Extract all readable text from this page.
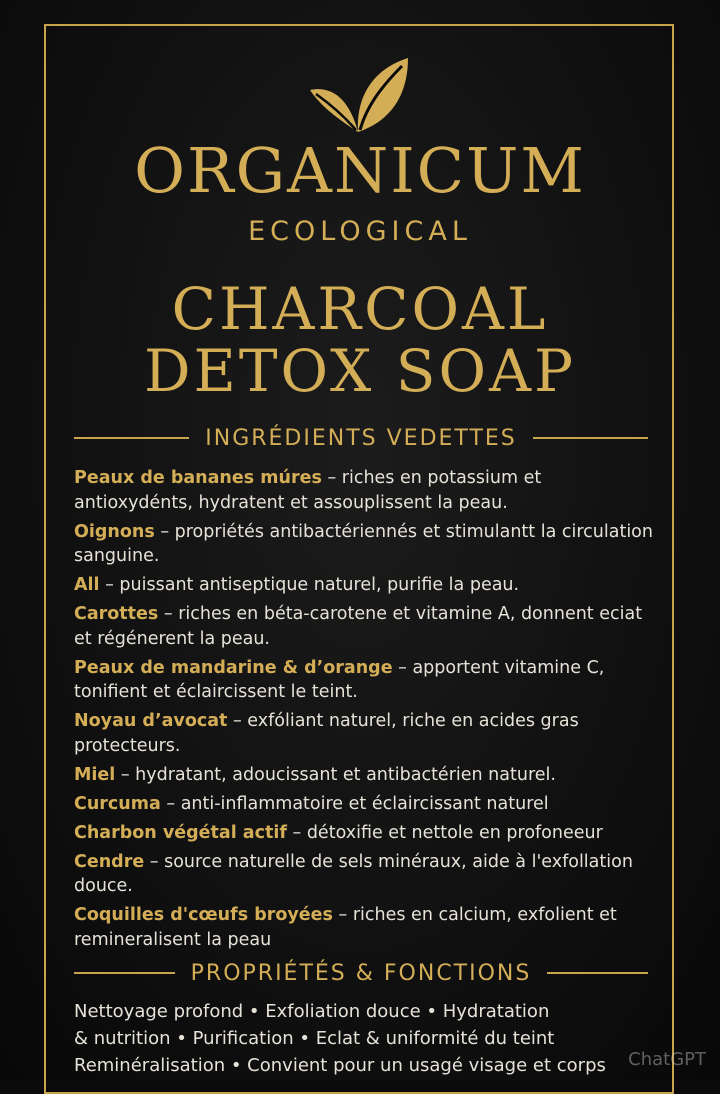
ORGANICUM
ECOLOGICAL
CHARCOAL
DETOX SOAP
INGRÉDIENTS VEDETTES
Peaux de bananes múres – riches en potassium et antioxydénts, hydratent et assouplissent la peau.
Oignons – propriétés antibactériennés et stimulantt la circulation sanguine.
All – puissant antiseptique naturel, purifie la peau.
Carottes – riches en béta-carotene et vitamine A, donnent eciat et régénerent la peau.
Peaux de mandarine & d’orange – apportent vitamine C, tonifient et éclaircissent le teint.
Noyau d’avocat – exfóliant naturel, riche en acides gras protecteurs.
Miel – hydratant, adoucissant et antibactérien naturel.
Curcuma – anti-inflammatoire et éclaircissant naturel
Charbon végétal actif – détoxifie et nettole en profoneeur
Cendre – source naturelle de sels minéraux, aide à l'exfollation douce.
Coquilles d'cœufs broyées – riches en calcium, exfolient et remineralisent la peau
PROPRIÉTÉS & FONCTIONS
Nettoyage profond • Exfoliation douce • Hydratation
& nutrition • Purification • Eclat & uniformité du teint
Reminéralisation • Convient pour un usagé visage et corps	ChatGPT
